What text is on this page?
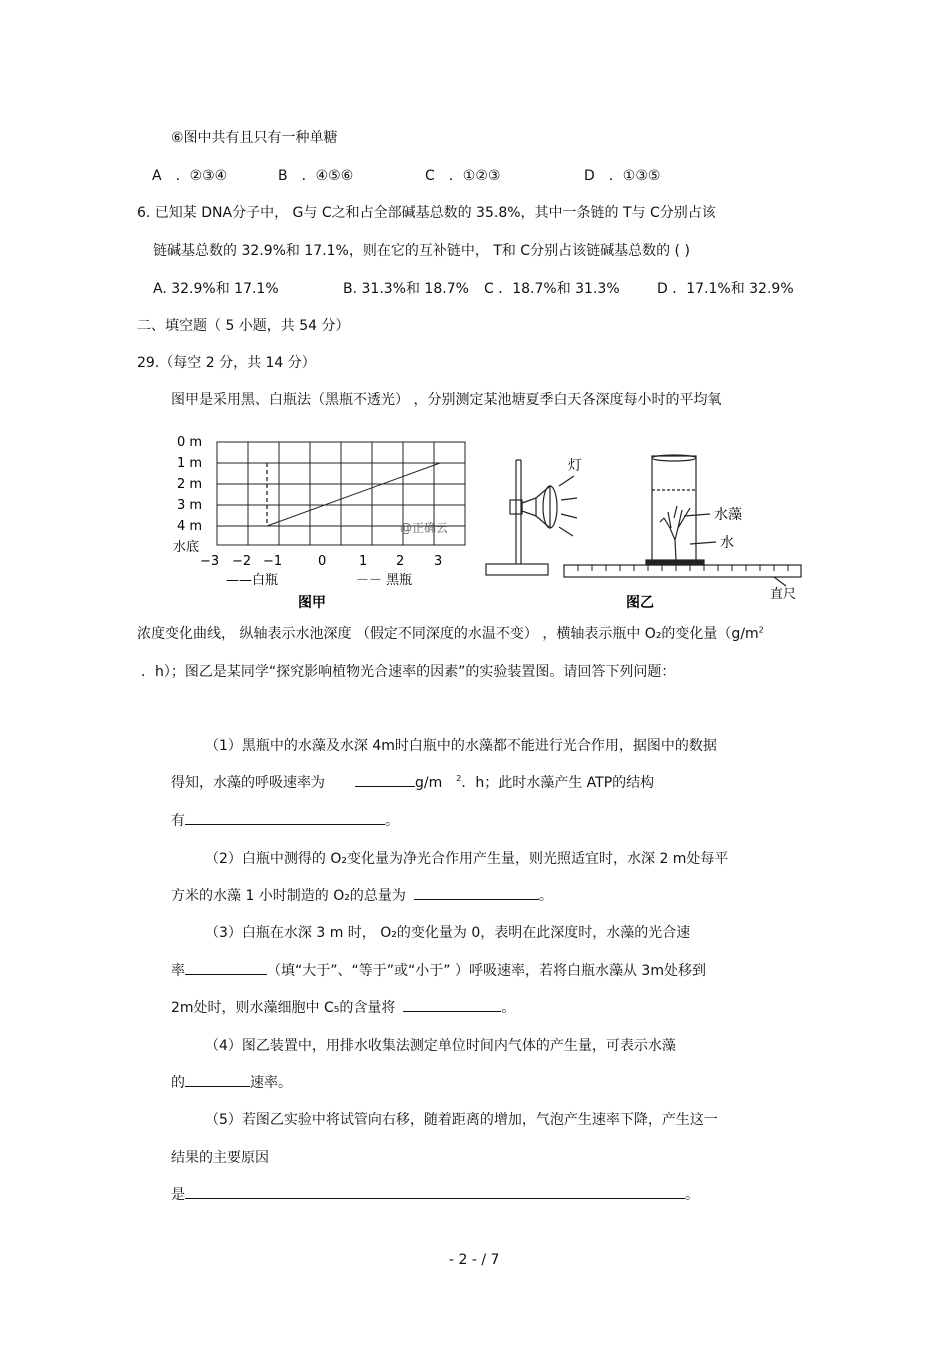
⑥图中共有且只有一种单糖
A　．②③④	B　．④⑤⑥	C　．①②③	D　．①③⑤
6. 已知某 DNA分子中， G与 C之和占全部碱基总数的 35.8%，其中一条链的 T与 C分别占该
链碱基总数的 32.9%和 17.1%，则在它的互补链中， T和 C分别占该链碱基总数的 ( )
A. 32.9%和 17.1%	B. 31.3%和 18.7% C ．18.7%和 31.3%	D ．17.1%和 32.9%
二、填空题（ 5 小题，共 54 分）
29.（每空 2 分，共 14 分）
图甲是采用黑、白瓶法（黑瓶不透光） ，分别测定某池塘夏季白天各深度每小时的平均氧
0 m
1 m
2 m
3 m
4 m
水底
−3 −2 −1	0	1 2 3
@正确云
——白瓶	－－ 黑瓶
图甲
灯
水藻
水
直尺
图乙
浓度变化曲线， 纵轴表示水池深度 （假定不同深度的水温不变） ，横轴表示瓶中 O₂的变化量（$g/m^2$
．h）；图乙是某同学“探究影响植物光合速率的因素”的实验装置图。请回答下列问题：
（1）黑瓶中的水藻及水深 4m时白瓶中的水藻都不能进行光合作用，据图中的数据
得知，水藻的呼吸速率为	g/m $^2$．h；此时水藻产生 ATP的结构
有	。
（2）白瓶中测得的 O₂变化量为净光合作用产生量，则光照适宜时，水深 2 m处每平
方米的水藻 1 小时制造的 O₂的总量为	。
（3）白瓶在水深 3 m 时， O₂的变化量为 0，表明在此深度时，水藻的光合速
率	（填“大于”、“等于”或“小于” ）呼吸速率，若将白瓶水藻从 3m处移到
2m处时，则水藻细胞中 C₅的含量将	。
（4）图乙装置中，用排水收集法测定单位时间内气体的产生量，可表示水藻
的	速率。
（5）若图乙实验中将试管向右移，随着距离的增加，气泡产生速率下降，产生这一
结果的主要原因
是	。
- 2 - / 7
